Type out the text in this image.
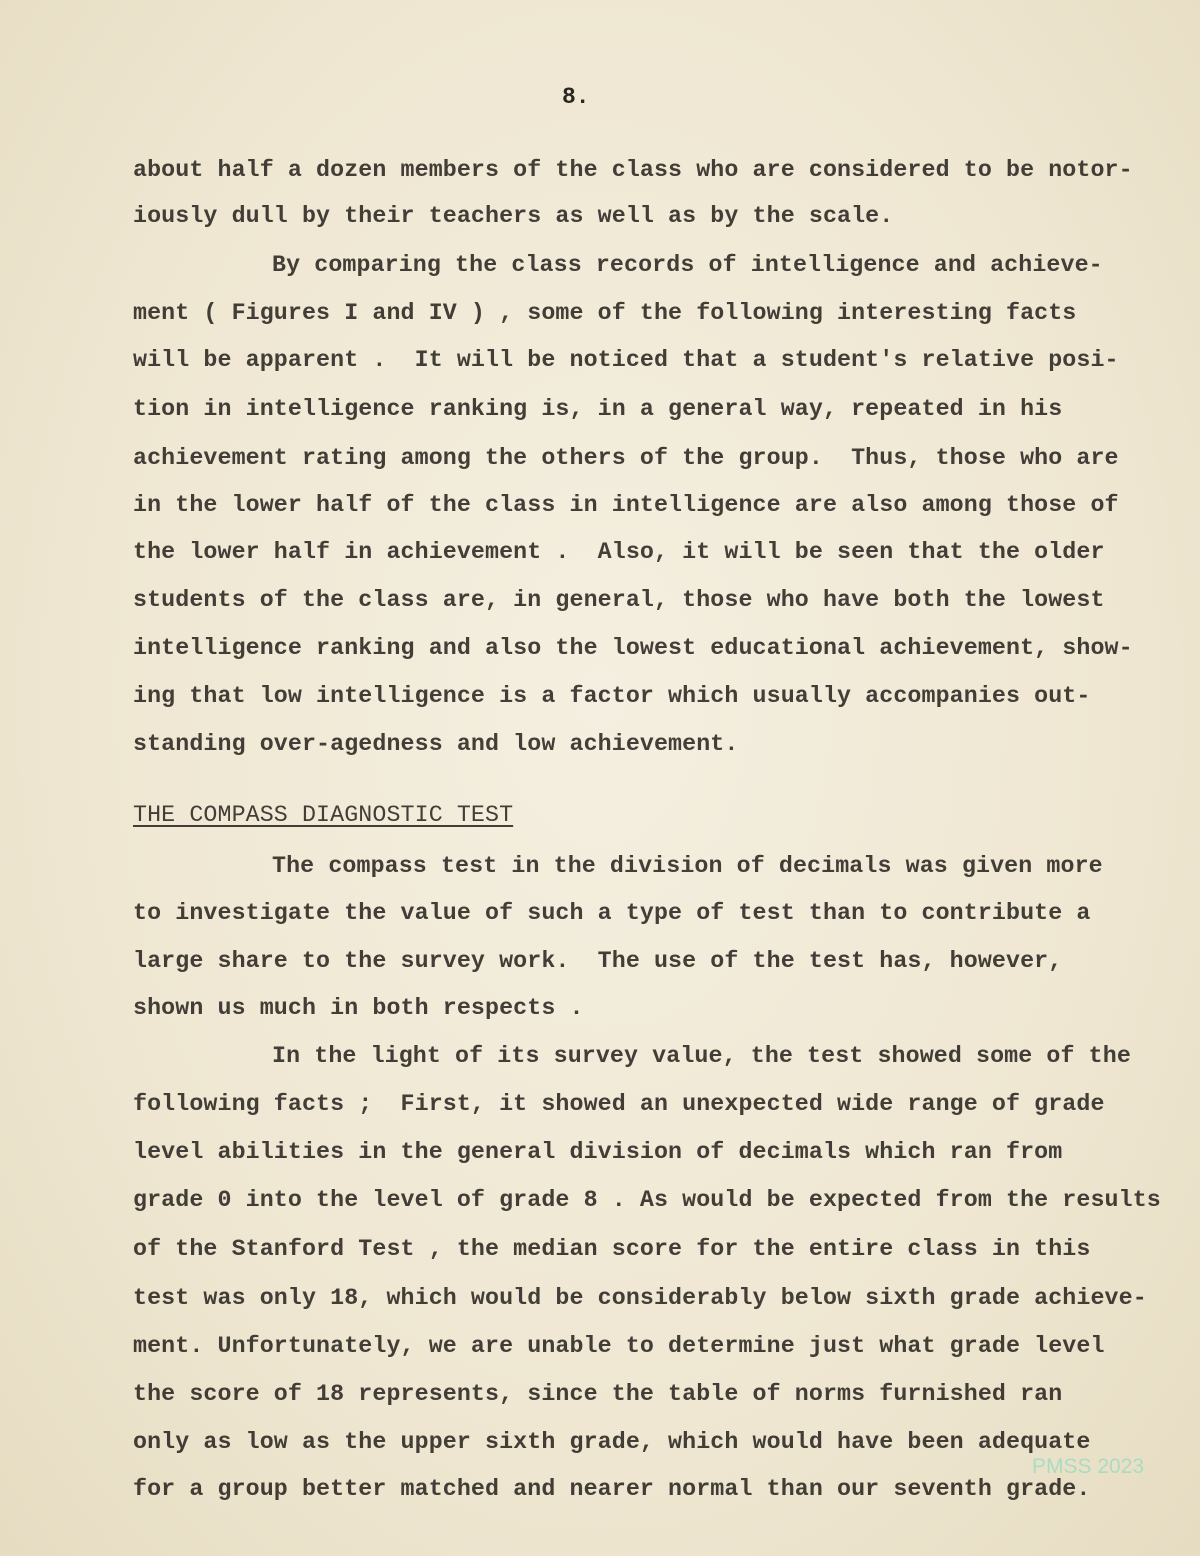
8.
about half a dozen members of the class who are considered to be notor-
iously dull by their teachers as well as by the scale.
By comparing the class records of intelligence and achieve-
ment ( Figures I and IV ) , some of the following interesting facts
will be apparent .  It will be noticed that a student's relative posi-
tion in intelligence ranking is, in a general way, repeated in his
achievement rating among the others of the group.  Thus, those who are
in the lower half of the class in intelligence are also among those of
the lower half in achievement .  Also, it will be seen that the older
students of the class are, in general, those who have both the lowest
intelligence ranking and also the lowest educational achievement, show-
ing that low intelligence is a factor which usually accompanies out-
standing over-agedness and low achievement.
The compass test in the division of decimals was given more
to investigate the value of such a type of test than to contribute a
large share to the survey work.  The use of the test has, however,
shown us much in both respects .
In the light of its survey value, the test showed some of the
following facts ;  First, it showed an unexpected wide range of grade
level abilities in the general division of decimals which ran from
grade 0 into the level of grade 8 . As would be expected from the results
of the Stanford Test , the median score for the entire class in this
test was only 18, which would be considerably below sixth grade achieve-
ment. Unfortunately, we are unable to determine just what grade level
the score of 18 represents, since the table of norms furnished ran
only as low as the upper sixth grade, which would have been adequate
for a group better matched and nearer normal than our seventh grade.
THE COMPASS DIAGNOSTIC TEST
PMSS 2023
